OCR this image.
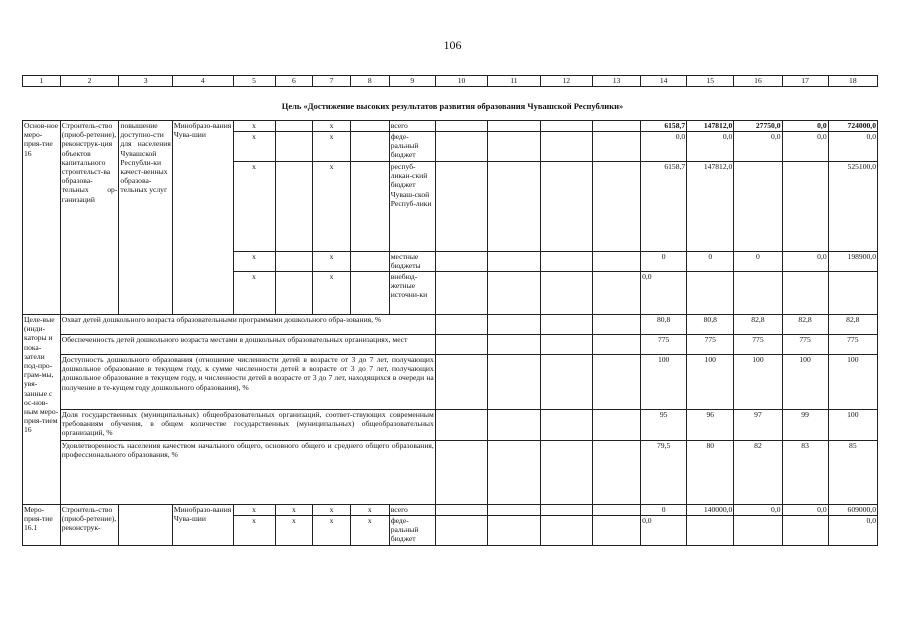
106
1	2	3	4	5	6	7	8	9	10	11	12	13	14	15	16	17	18
Цель «Достижение высоких результатов развития образования Чувашской Республики»
Основ-ное меро-прия-тие 16	Строитель-ство (приоб-ретение), реконструк-ция объектов капитального строительст-ва образова-тельных ор-ганизаций	повышение доступно-сти для населения Чувашской Республи-ки качест-венных образова-тельных услуг	Минобразо-вания Чува-шии	x		x		всего					6158,7	147812,0	27750,0	0,0	724000,0
				x		x		феде-ральный бюджет					0,0	0,0	0,0	0,0	0,0
				x		x		респуб-ликан-ский бюджет Чуваш-ской Респуб-лики					6158,7	147812,0			525100,0
				x		x		местные бюджеты					0	0	0	0,0	198900,0
				x		x		внебюд-жетные источни-ки					0,0				
Целе-вые (инди-каторы и пока-затели под-про-грам-мы, увя-занные с ос-нов-ным меро-прия-тием 16	Охват детей дошкольного возраста образовательными программами дошкольного обра-зования, %												80,8	80,8	82,8	82,8	82,8
	Обеспеченность детей дошкольного возраста местами в дошкольных образовательных организациях, мест												775	775	775	775	775
	Доступность дошкольного образования (отношение численности детей в возрасте от 3 до 7 лет, получающих дошкольное образование в текущем году, к сумме численности детей в возрасте от 3 до 7 лет, получающих дошкольное образование в текущем году, и численности детей в возрасте от 3 до 7 лет, находящихся в очереди на получение в те-кущем году дошкольного образования), %												100	100	100	100	100
	Доля государственных (муниципальных) общеобразовательных организаций, соответ-ствующих современным требованиям обучения, в общем количестве государственных (муниципальных) общеобразовательных организаций, %												95	96	97	99	100
	Удовлетворенность населения качеством начального общего, основного общего и среднего общего образования, профессионального образования, %												79,5	80	82	83	85
Меро-прия-тие 16.1	Строитель-ство (приоб-ретение), реконструк-		Минобразо-вания Чува-шии	x	x	x	x	всего					0	140000,0	0,0	0,0	609000,0
				x	x	x	x	феде-ральный бюджет					0,0				0,0
